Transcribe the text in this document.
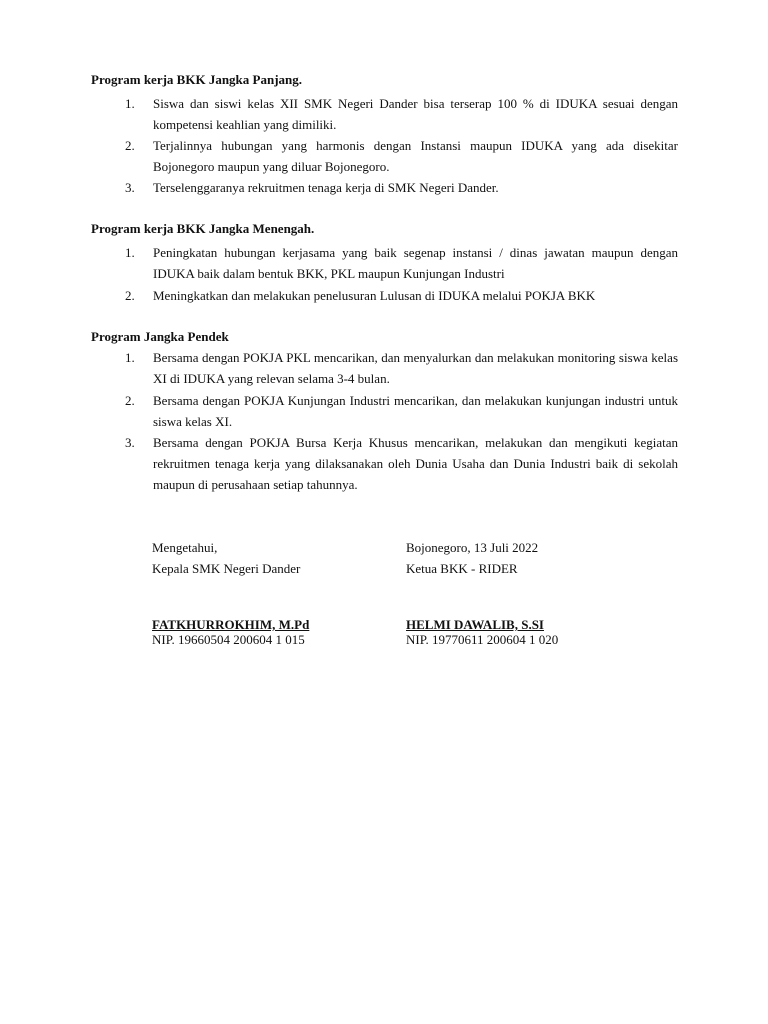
Program kerja BKK Jangka Panjang.
1. Siswa dan siswi kelas XII SMK Negeri Dander bisa terserap 100 % di IDUKA sesuai dengan kompetensi keahlian yang dimiliki.
2. Terjalinnya hubungan yang harmonis dengan Instansi maupun IDUKA yang ada disekitar Bojonegoro maupun yang diluar Bojonegoro.
3. Terselenggaranya rekruitmen tenaga kerja di SMK Negeri Dander.
Program kerja BKK Jangka Menengah.
1. Peningkatan hubungan kerjasama yang baik segenap instansi / dinas jawatan maupun dengan IDUKA baik dalam bentuk BKK, PKL maupun Kunjungan Industri
2. Meningkatkan dan melakukan penelusuran Lulusan di IDUKA melalui POKJA BKK
Program Jangka Pendek
1. Bersama dengan POKJA PKL mencarikan, dan menyalurkan dan melakukan monitoring siswa kelas XI di IDUKA yang relevan selama 3-4 bulan.
2. Bersama dengan POKJA Kunjungan Industri mencarikan, dan melakukan kunjungan industri untuk siswa kelas XI.
3. Bersama dengan POKJA Bursa Kerja Khusus mencarikan, melakukan dan mengikuti kegiatan rekruitmen tenaga kerja yang dilaksanakan oleh Dunia Usaha dan Dunia Industri baik di sekolah maupun di perusahaan setiap tahunnya.
Mengetahui,
Kepala SMK Negeri Dander
FATKHURROKHIM, M.Pd
NIP. 19660504 200604 1 015
Bojonegoro, 13 Juli 2022
Ketua BKK - RIDER
HELMI DAWALIB, S.SI
NIP. 19770611 200604 1 020
